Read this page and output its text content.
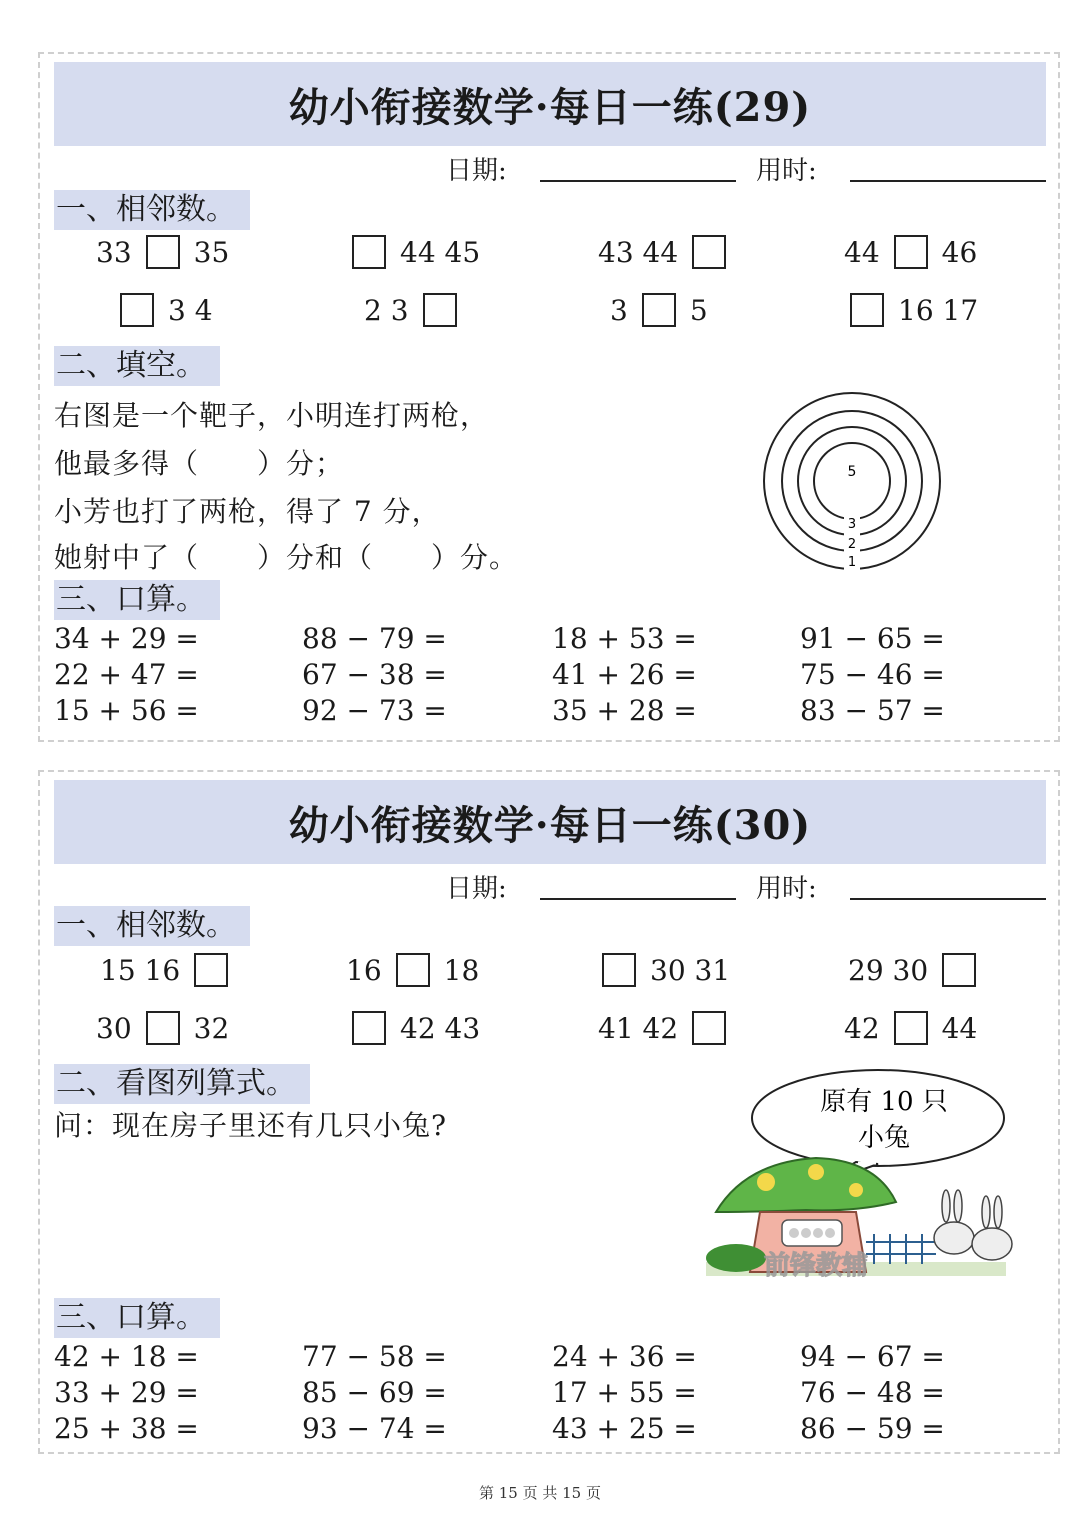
幼小衔接数学·每日一练(29)
日期:	用时:
一、相邻数。
33 35	44 45	43 44	44 46
3 4	2 3	3 5	16 17
二、填空。
右图是一个靶子，小明连打两枪，
他最多得（　　）分；
小芳也打了两枪，得了 7 分，
她射中了（　　）分和（　　）分。
5
3
2
1
三、口算。
34 + 29 =	88 − 79 =	18 + 53 =	91 − 65 =
22 + 47 =	67 − 38 =	41 + 26 =	75 − 46 =
15 + 56 =	92 − 73 =	35 + 28 =	83 − 57 =
幼小衔接数学·每日一练(30)
日期:	用时:
一、相邻数。
15 16	16 18	30 31	29 30
30 32	42 43	41 42	42 44
二、看图列算式。
问：现在房子里还有几只小兔?
原有 10 只
小兔
前锋教辅
三、口算。
42 + 18 =	77 − 58 =	24 + 36 =	94 − 67 =
33 + 29 =	85 − 69 =	17 + 55 =	76 − 48 =
25 + 38 =	93 − 74 =	43 + 25 =	86 − 59 =
第 15 页 共 15 页
